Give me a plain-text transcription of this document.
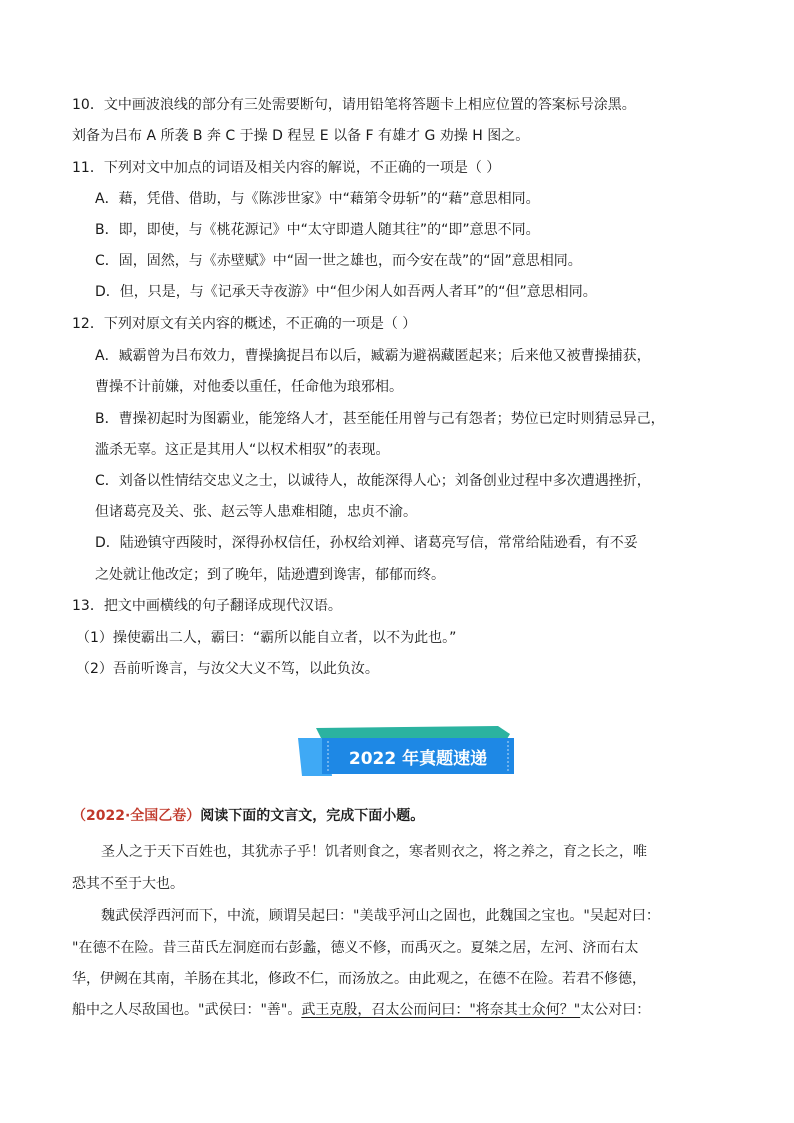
10．文中画波浪线的部分有三处需要断句，请用铅笔将答题卡上相应位置的答案标号涂黑。
刘备为吕布 A 所袭 B 奔 C 于操 D 程昱 E 以备 F 有雄才 G 劝操 H 图之。
11．下列对文中加点的词语及相关内容的解说，不正确的一项是（ ）
A．藉，凭借、借助，与《陈涉世家》中“藉第令毋斩”的“藉”意思相同。
B．即，即使，与《桃花源记》中“太守即遣人随其往”的“即”意思不同。
C．固，固然，与《赤壁赋》中“固一世之雄也，而今安在哉”的“固”意思相同。
D．但，只是，与《记承天寺夜游》中“但少闲人如吾两人者耳”的“但”意思相同。
12．下列对原文有关内容的概述，不正确的一项是（ ）
A．臧霸曾为吕布效力，曹操擒捉吕布以后，臧霸为避祸藏匿起来；后来他又被曹操捕获，
曹操不计前嫌，对他委以重任，任命他为琅邪相。
B．曹操初起时为图霸业，能笼络人才，甚至能任用曾与己有怨者；势位已定时则猜忌异己，
滥杀无辜。这正是其用人“以权术相驭”的表现。
C．刘备以性情结交忠义之士，以诚待人，故能深得人心；刘备创业过程中多次遭遇挫折，
但诸葛亮及关、张、赵云等人患难相随，忠贞不渝。
D．陆逊镇守西陵时，深得孙权信任，孙权给刘禅、诸葛亮写信，常常给陆逊看，有不妥
之处就让他改定；到了晚年，陆逊遭到谗害，郁郁而终。
13．把文中画横线的句子翻译成现代汉语。
（1）操使霸出二人，霸曰：“霸所以能自立者，以不为此也。”
（2）吾前听谗言，与汝父大义不笃，以此负汝。
2022 年真题速递
（2022·全国乙卷）阅读下面的文言文，完成下面小题。
圣人之于天下百姓也，其犹赤子乎！饥者则食之，寒者则衣之，将之养之，育之长之，唯
恐其不至于大也。
魏武侯浮西河而下，中流，顾谓吴起曰："美哉乎河山之固也，此魏国之宝也。"吴起对曰：
"在德不在险。昔三苗氏左洞庭而右彭蠡，德义不修，而禹灭之。夏桀之居，左河、济而右太
华，伊阙在其南，羊肠在其北，修政不仁，而汤放之。由此观之，在德不在险。若君不修德，
船中之人尽敌国也。"武侯曰："善"。武王克殷，召太公而问曰："将奈其士众何？"太公对曰：
